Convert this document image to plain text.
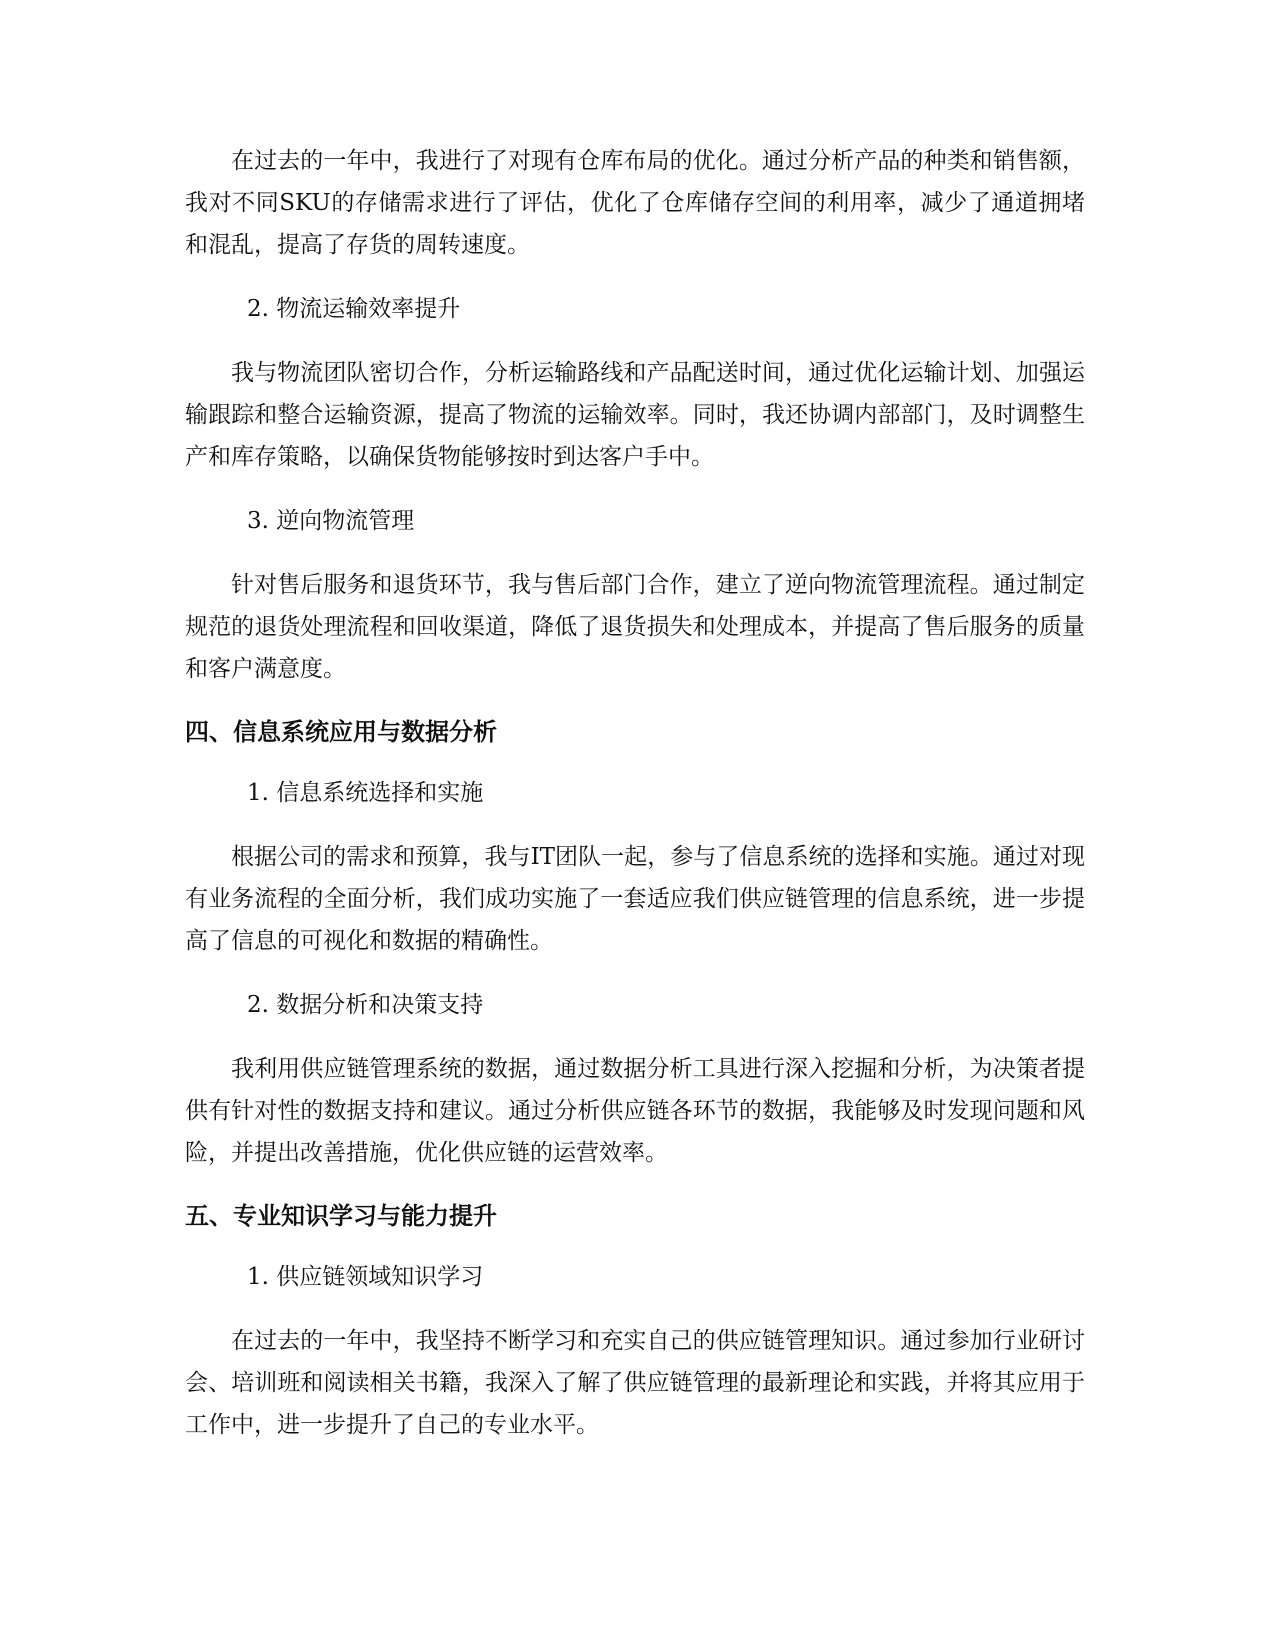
在过去的一年中，我进行了对现有仓库布局的优化。通过分析产品的种类和销售额，我对不同SKU的存储需求进行了评估，优化了仓库储存空间的利用率，减少了通道拥堵和混乱，提高了存货的周转速度。

2. 物流运输效率提升

我与物流团队密切合作，分析运输路线和产品配送时间，通过优化运输计划、加强运输跟踪和整合运输资源，提高了物流的运输效率。同时，我还协调内部部门，及时调整生产和库存策略，以确保货物能够按时到达客户手中。

3. 逆向物流管理

针对售后服务和退货环节，我与售后部门合作，建立了逆向物流管理流程。通过制定规范的退货处理流程和回收渠道，降低了退货损失和处理成本，并提高了售后服务的质量和客户满意度。

四、信息系统应用与数据分析
1. 信息系统选择和实施

根据公司的需求和预算，我与IT团队一起，参与了信息系统的选择和实施。通过对现有业务流程的全面分析，我们成功实施了一套适应我们供应链管理的信息系统，进一步提高了信息的可视化和数据的精确性。

2. 数据分析和决策支持

我利用供应链管理系统的数据，通过数据分析工具进行深入挖掘和分析，为决策者提供有针对性的数据支持和建议。通过分析供应链各环节的数据，我能够及时发现问题和风险，并提出改善措施，优化供应链的运营效率。

五、专业知识学习与能力提升
1. 供应链领域知识学习

在过去的一年中，我坚持不断学习和充实自己的供应链管理知识。通过参加行业研讨会、培训班和阅读相关书籍，我深入了解了供应链管理的最新理论和实践，并将其应用于工作中，进一步提升了自己的专业水平。
